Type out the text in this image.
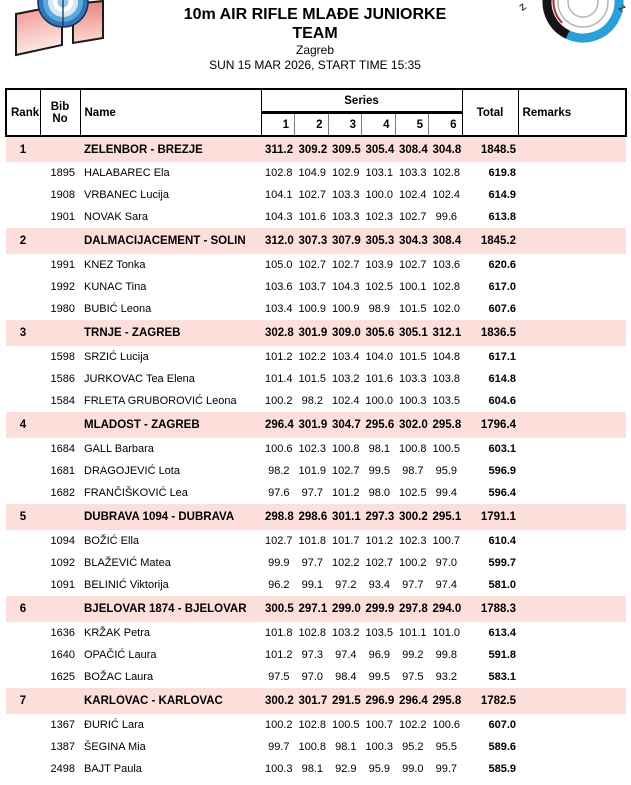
Z	Z
10m AIR RIFLE MLAĐE JUNIORKE
TEAM
Zagreb
SUN 15 MAR 2026, START TIME 15:35
Rank	Bib No	Name	Series						Total	Remarks
			1	2	3	4	5	6		
1		ZELENBOR - BREZJE	311.2	309.2	309.5	305.4	308.4	304.8	1848.5	
	1895	HALABAREC Ela	102.8	104.9	102.9	103.1	103.3	102.8	619.8	
	1908	VRBANEC Lucija	104.1	102.7	103.3	100.0	102.4	102.4	614.9	
	1901	NOVAK Sara	104.3	101.6	103.3	102.3	102.7	99.6	613.8	
2		DALMACIJACEMENT - SOLIN	312.0	307.3	307.9	305.3	304.3	308.4	1845.2	
	1991	KNEZ Tonka	105.0	102.7	102.7	103.9	102.7	103.6	620.6	
	1992	KUNAC Tina	103.6	103.7	104.3	102.5	100.1	102.8	617.0	
	1980	BUBIĆ Leona	103.4	100.9	100.9	98.9	101.5	102.0	607.6	
3		TRNJE - ZAGREB	302.8	301.9	309.0	305.6	305.1	312.1	1836.5	
	1598	SRZIĆ Lucija	101.2	102.2	103.4	104.0	101.5	104.8	617.1	
	1586	JURKOVAC Tea Elena	101.4	101.5	103.2	101.6	103.3	103.8	614.8	
	1584	FRLETA GRUBOROVIĆ Leona	100.2	98.2	102.4	100.0	100.3	103.5	604.6	
4		MLADOST - ZAGREB	296.4	301.9	304.7	295.6	302.0	295.8	1796.4	
	1684	GALL Barbara	100.6	102.3	100.8	98.1	100.8	100.5	603.1	
	1681	DRAGOJEVIĆ Lota	98.2	101.9	102.7	99.5	98.7	95.9	596.9	
	1682	FRANČIŠKOVIĆ Lea	97.6	97.7	101.2	98.0	102.5	99.4	596.4	
5		DUBRAVA 1094 - DUBRAVA	298.8	298.6	301.1	297.3	300.2	295.1	1791.1	
	1094	BOŽIĆ Ella	102.7	101.8	101.7	101.2	102.3	100.7	610.4	
	1092	BLAŽEVIĆ Matea	99.9	97.7	102.2	102.7	100.2	97.0	599.7	
	1091	BELINIĆ Viktorija	96.2	99.1	97.2	93.4	97.7	97.4	581.0	
6		BJELOVAR 1874 - BJELOVAR	300.5	297.1	299.0	299.9	297.8	294.0	1788.3	
	1636	KRŽAK Petra	101.8	102.8	103.2	103.5	101.1	101.0	613.4	
	1640	OPAČIĆ Laura	101.2	97.3	97.4	96.9	99.2	99.8	591.8	
	1625	BOŽAC Laura	97.5	97.0	98.4	99.5	97.5	93.2	583.1	
7		KARLOVAC - KARLOVAC	300.2	301.7	291.5	296.9	296.4	295.8	1782.5	
	1367	ĐURIĆ Lara	100.2	102.8	100.5	100.7	102.2	100.6	607.0	
	1387	ŠEGINA Mia	99.7	100.8	98.1	100.3	95.2	95.5	589.6	
	2498	BAJT Paula	100.3	98.1	92.9	95.9	99.0	99.7	585.9	
